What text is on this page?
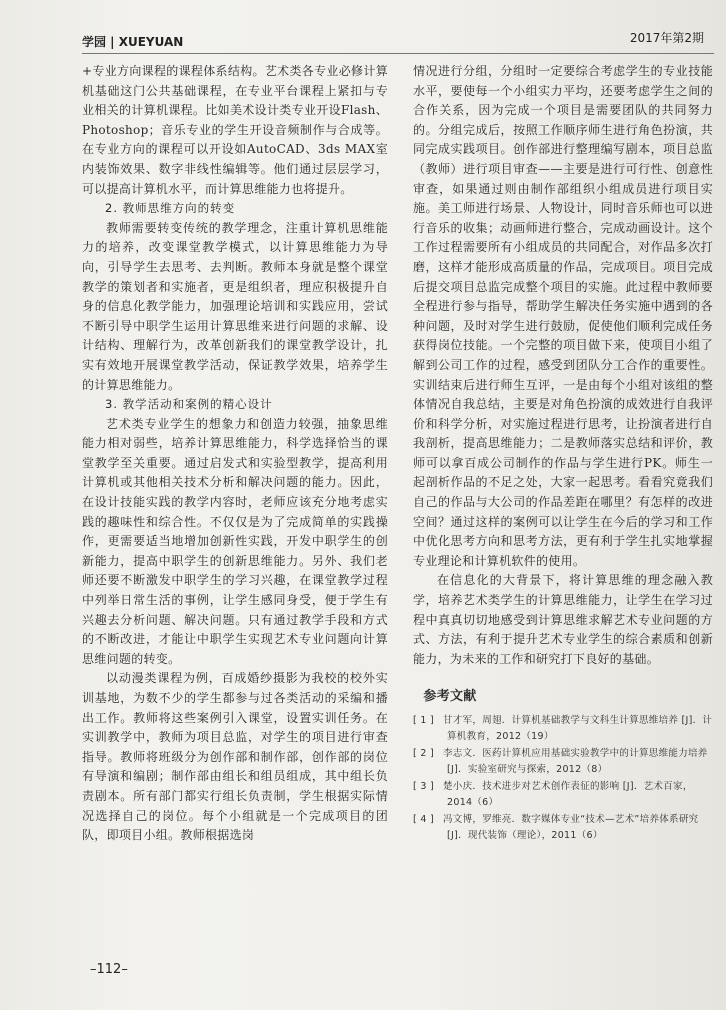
学园 | XUEYUAN	2017年第2期

+专业方向课程的课程体系结构。艺术类各专业必修计算机基础这门公共基础课程，在专业平台课程上紧扣与专业相关的计算机课程。比如美术设计类专业开设Flash、Photoshop；音乐专业的学生开设音频制作与合成等。在专业方向的课程可以开设如AutoCAD、3ds MAX室内装饰效果、数字非线性编辑等。他们通过层层学习，可以提高计算机水平，而计算思维能力也将提升。

2. 教师思维方向的转变

教师需要转变传统的教学理念，注重计算机思维能力的培养，改变课堂教学模式，以计算思维能力为导向，引导学生去思考、去判断。教师本身就是整个课堂教学的策划者和实施者，更是组织者，理应积极提升自身的信息化教学能力，加强理论培训和实践应用，尝试不断引导中职学生运用计算思维来进行问题的求解、设计结构、理解行为，改革创新我们的课堂教学设计，扎实有效地开展课堂教学活动，保证教学效果，培养学生的计算思维能力。

3. 教学活动和案例的精心设计

艺术类专业学生的想象力和创造力较强，抽象思维能力相对弱些，培养计算思维能力，科学选择恰当的课堂教学至关重要。通过启发式和实验型教学，提高利用计算机或其他相关技术分析和解决问题的能力。因此，在设计技能实践的教学内容时，老师应该充分地考虑实践的趣味性和综合性。不仅仅是为了完成简单的实践操作，更需要适当地增加创新性实践，开发中职学生的创新能力，提高中职学生的创新思维能力。另外、我们老师还要不断激发中职学生的学习兴趣，在课堂教学过程中列举日常生活的事例，让学生感同身受，便于学生有兴趣去分析问题、解决问题。只有通过教学手段和方式的不断改进，才能让中职学生实现艺术专业问题向计算思维问题的转变。

以动漫类课程为例，百成婚纱摄影为我校的校外实训基地，为数不少的学生都参与过各类活动的采编和播出工作。教师将这些案例引入课堂，设置实训任务。在实训教学中，教师为项目总监，对学生的项目进行审查指导。教师将班级分为创作部和制作部，创作部的岗位有导演和编剧；制作部由组长和组员组成，其中组长负责剧本。所有部门都实行组长负责制，学生根据实际情况选择自己的岗位。每个小组就是一个完成项目的团队，即项目小组。教师根据选岗

情况进行分组，分组时一定要综合考虑学生的专业技能水平，要使每一个小组实力平均，还要考虑学生之间的合作关系，因为完成一个项目是需要团队的共同努力的。分组完成后，按照工作顺序师生进行角色扮演，共同完成实践项目。创作部进行整理编写剧本，项目总监（教师）进行项目审查——主要是进行可行性、创意性审查，如果通过则由制作部组织小组成员进行项目实施。美工师进行场景、人物设计，同时音乐师也可以进行音乐的收集；动画师进行整合，完成动画设计。这个工作过程需要所有小组成员的共同配合，对作品多次打磨，这样才能形成高质量的作品，完成项目。项目完成后提交项目总监完成整个项目的实施。此过程中教师要全程进行参与指导，帮助学生解决任务实施中遇到的各种问题，及时对学生进行鼓励，促使他们顺利完成任务获得岗位技能。一个完整的项目做下来，使项目小组了解到公司工作的过程，感受到团队分工合作的重要性。实训结束后进行师生互评，一是由每个小组对该组的整体情况自我总结，主要是对角色扮演的成效进行自我评价和科学分析，对实施过程进行思考，让扮演者进行自我剖析，提高思维能力；二是教师落实总结和评价，教师可以拿百成公司制作的作品与学生进行PK。师生一起剖析作品的不足之处，大家一起思考。看看究竟我们自己的作品与大公司的作品差距在哪里？有怎样的改进空间？通过这样的案例可以让学生在今后的学习和工作中优化思考方向和思考方法，更有利于学生扎实地掌握专业理论和计算机软件的使用。

在信息化的大背景下，将计算思维的理念融入教学，培养艺术类学生的计算思维能力，让学生在学习过程中真真切切地感受到计算思维求解艺术专业问题的方式、方法，有利于提升艺术专业学生的综合素质和创新能力，为未来的工作和研究打下良好的基础。

参考文献
[ 1 ] 甘才军，周翅．计算机基础教学与文科生计算思维培养 [J]．计算机教育，2012（19）
[ 2 ] 李志文．医药计算机应用基础实验教学中的计算思维能力培养 [J]．实验室研究与探索，2012（8）
[ 3 ] 楚小庆．技术进步对艺术创作表征的影响 [J]．艺术百家，2014（6）
[ 4 ] 冯文博，罗维亮．数字媒体专业“技术—艺术”培养体系研究 [J]．现代装饰（理论），2011（6）
–112–
